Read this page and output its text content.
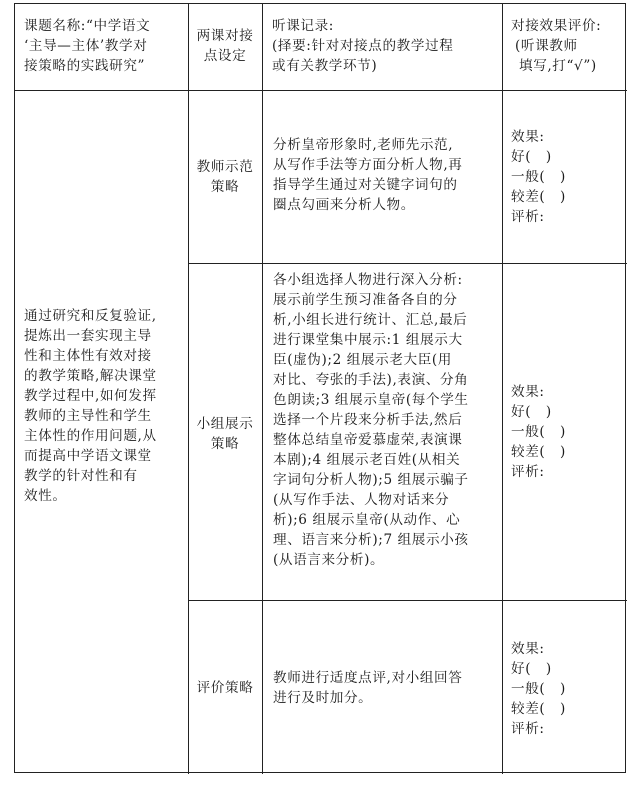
课题名称:“中学语文
‘主导—主体’教学对
接策略的实践研究”
两课对接
点设定
听课记录:
(择要:针对对接点的教学过程
或有关教学环节)
对接效果评价:
(听课教师
填写,打“√”)
通过研究和反复验证,
提炼出一套实现主导
性和主体性有效对接
的教学策略,解决课堂
教学过程中,如何发挥
教师的主导性和学生
主体性的作用问题,从
而提高中学语文课堂
教学的针对性和有
效性。
教师示范
策略
分析皇帝形象时,老师先示范,
从写作手法等方面分析人物,再
指导学生通过对关键字词句的
圈点勾画来分析人物。
效果:
好(   )
一般(   )
较差(   )
评析:
小组展示
策略
各小组选择人物进行深入分析:
展示前学生预习准备各自的分
析,小组长进行统计、汇总,最后
进行课堂集中展示:1 组展示大
臣(虚伪);2 组展示老大臣(用
对比、夸张的手法),表演、分角
色朗读;3 组展示皇帝(每个学生
选择一个片段来分析手法,然后
整体总结皇帝爱慕虚荣,表演课
本剧);4 组展示老百姓(从相关
字词句分析人物);5 组展示骗子
(从写作手法、人物对话来分
析);6 组展示皇帝(从动作、心
理、语言来分析);7 组展示小孩
(从语言来分析)。
效果:
好(   )
一般(   )
较差(   )
评析:
评价策略
教师进行适度点评,对小组回答
进行及时加分。
效果:
好(   )
一般(   )
较差(   )
评析:
